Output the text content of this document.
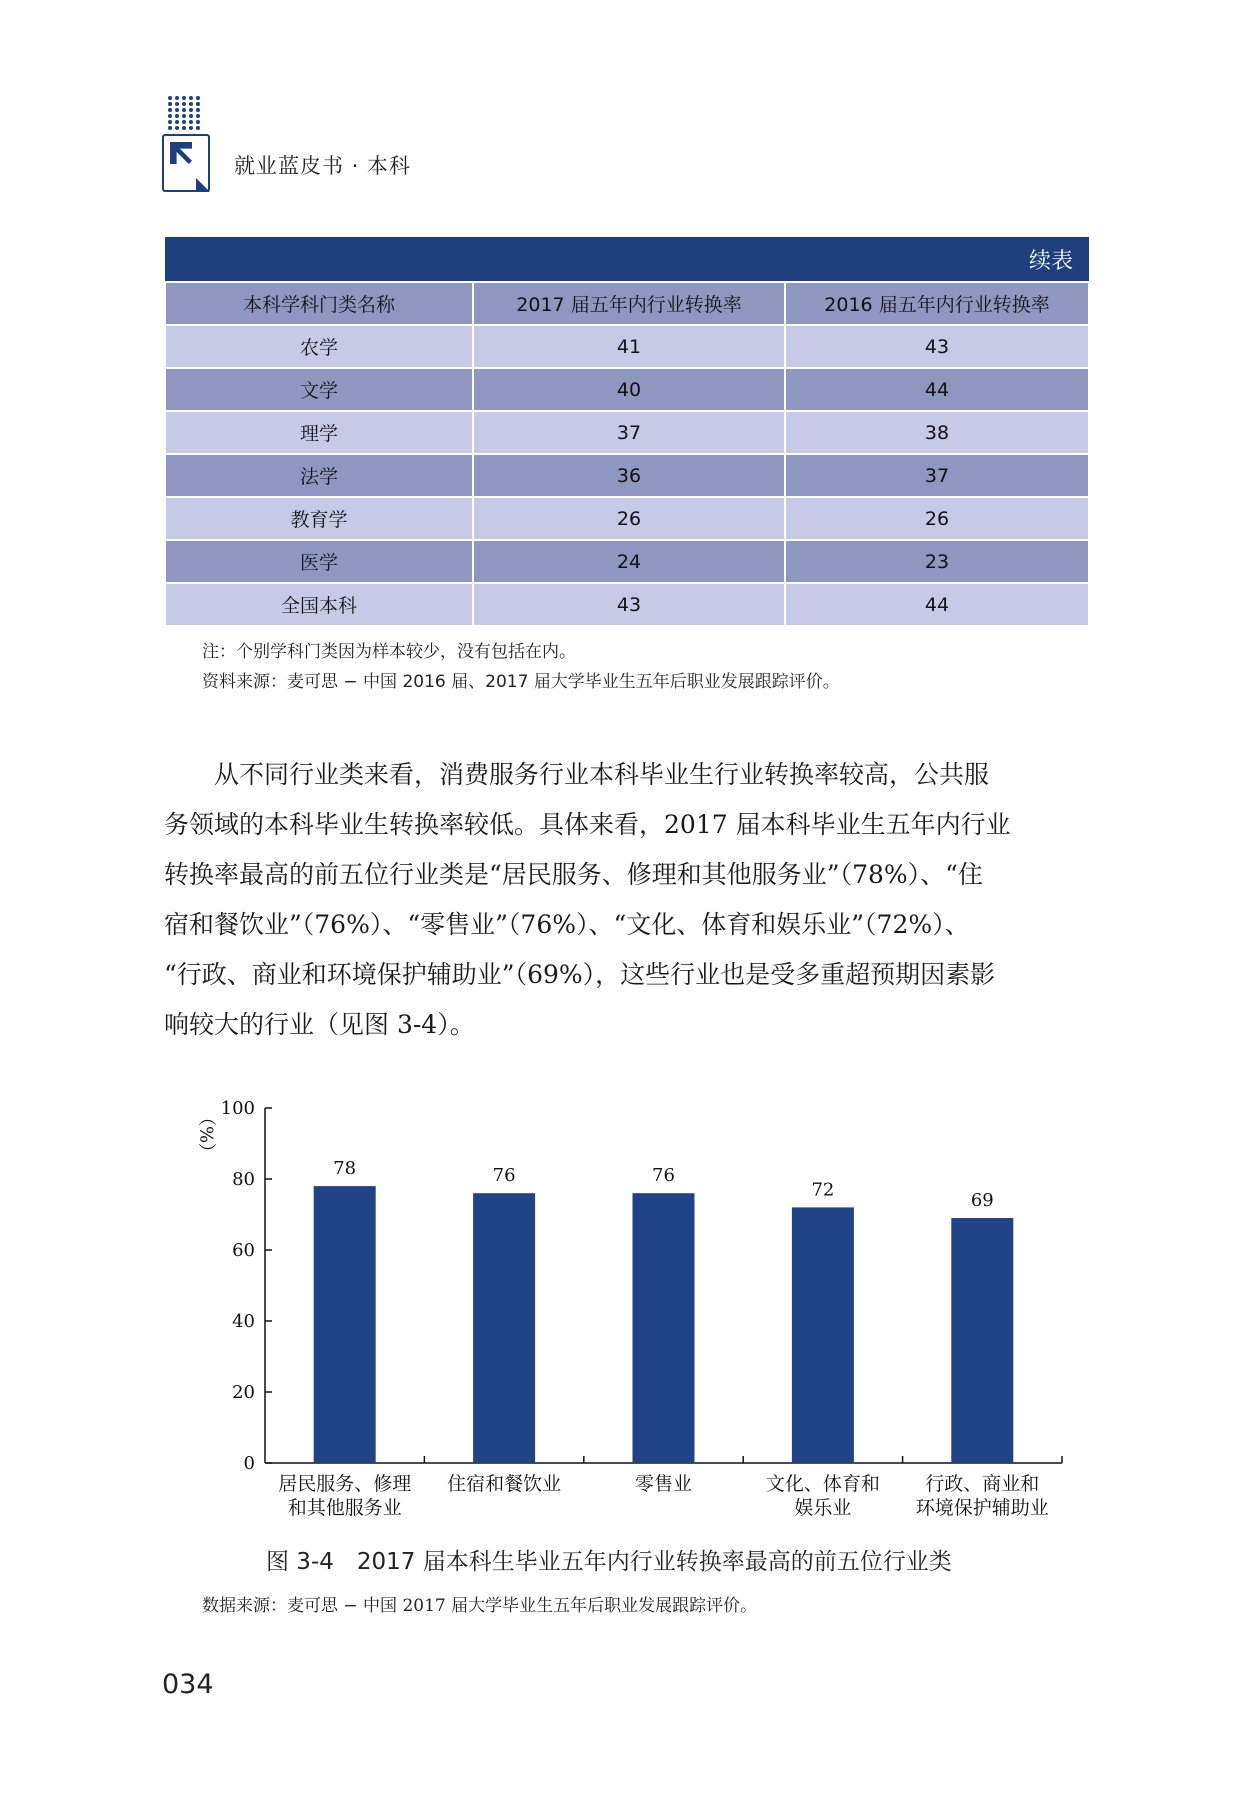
就业蓝皮书 · 本科
续表		
本科学科门类名称	2017 届五年内行业转换率	2016 届五年内行业转换率
农学	41	43
文学	40	44
理学	37	38
法学	36	37
教育学	26	26
医学	24	23
全国本科	43	44
注：个别学科门类因为样本较少，没有包括在内。
资料来源：麦可思 − 中国 2016 届、2017 届大学毕业生五年后职业发展跟踪评价。
　　从不同行业类来看，消费服务行业本科毕业生行业转换率较高，公共服
务领域的本科毕业生转换率较低。具体来看，2017 届本科毕业生五年内行业
转换率最高的前五位行业类是“居民服务、修理和其他服务业”（78%）、“住
宿和餐饮业”（76%）、“零售业”（76%）、“文化、体育和娱乐业”（72%）、
“行政、商业和环境保护辅助业”（69%），这些行业也是受多重超预期因素影
响较大的行业（见图 3-4）。
0
20
40
60
80
100
（%）
78
居民服务、修理
和其他服务业
76
住宿和餐饮业
76
零售业
72
文化、体育和
娱乐业
69
行政、商业和
环境保护辅助业
图 3-4　2017 届本科生毕业五年内行业转换率最高的前五位行业类
数据来源：麦可思 − 中国 2017 届大学毕业生五年后职业发展跟踪评价。
034
